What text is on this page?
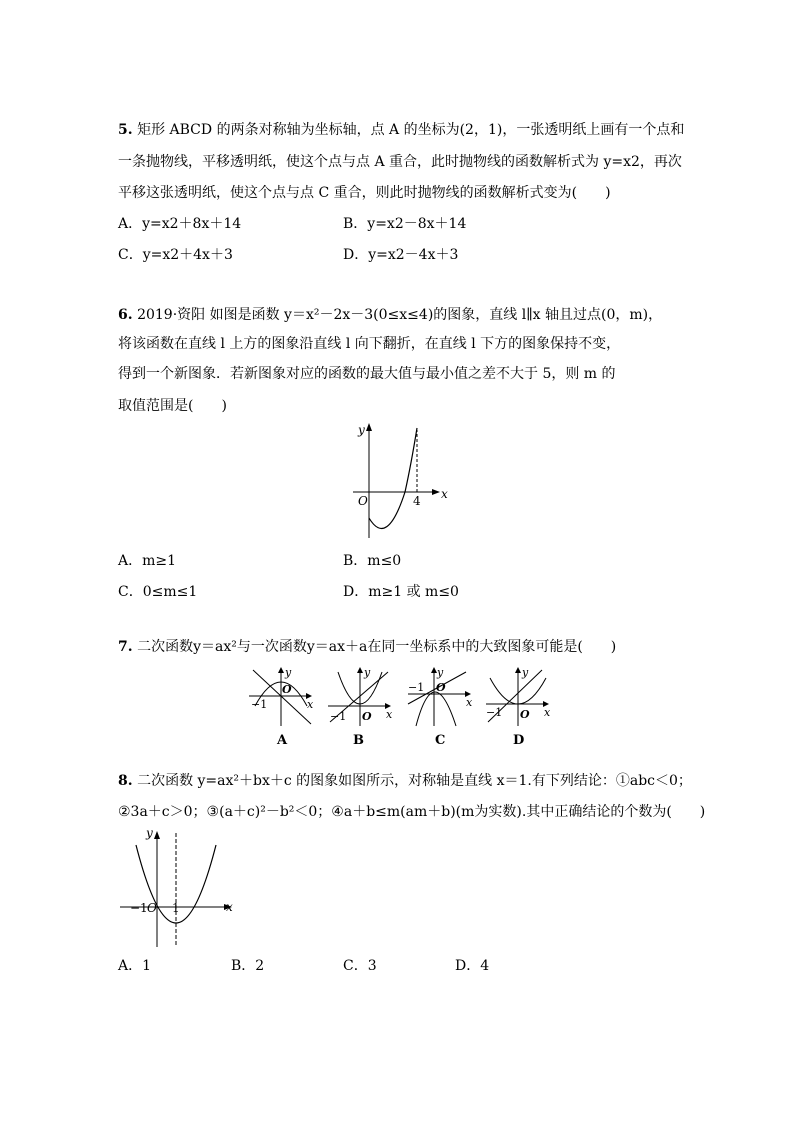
5. 矩形 ABCD 的两条对称轴为坐标轴，点 A 的坐标为(2，1)，一张透明纸上画有一个点和
一条抛物线，平移透明纸，使这个点与点 A 重合，此时抛物线的函数解析式为 y=x2，再次
平移这张透明纸，使这个点与点 C 重合，则此时抛物线的函数解析式变为(　　)
A．y=x2＋8x＋14	B．y=x2－8x＋14
C．y=x2＋4x＋3	D．y=x2－4x＋3
6. 2019·资阳 如图是函数 y＝x²－2x－3(0≤x≤4)的图象，直线 l∥x 轴且过点(0，m)，
将该函数在直线 l 上方的图象沿直线 l 向下翻折，在直线 l 下方的图象保持不变，
得到一个新图象．若新图象对应的函数的最大值与最小值之差不大于 5，则 m 的
取值范围是(　　)
y
x
O	4
A．m≥1	B．m≤0
C．0≤m≤1	D．m≥1 或 m≤0
7. 二次函数y＝ax²与一次函数y＝ax＋a在同一坐标系中的大致图象可能是(　　)
y
x
O
−1
A
y
x
O
−1
B
y
x
O
−1
C
y
x
O
−1
D
8. 二次函数 y=ax²＋bx＋c 的图象如图所示，对称轴是直线 x＝1.有下列结论：①abc＜0；
②3a＋c＞0；③(a＋c)²－b²＜0；④a＋b≤m(am＋b)(m为实数).其中正确结论的个数为(　　)
y
x
O
−1 1
A．1	B．2	C．3	D．4
